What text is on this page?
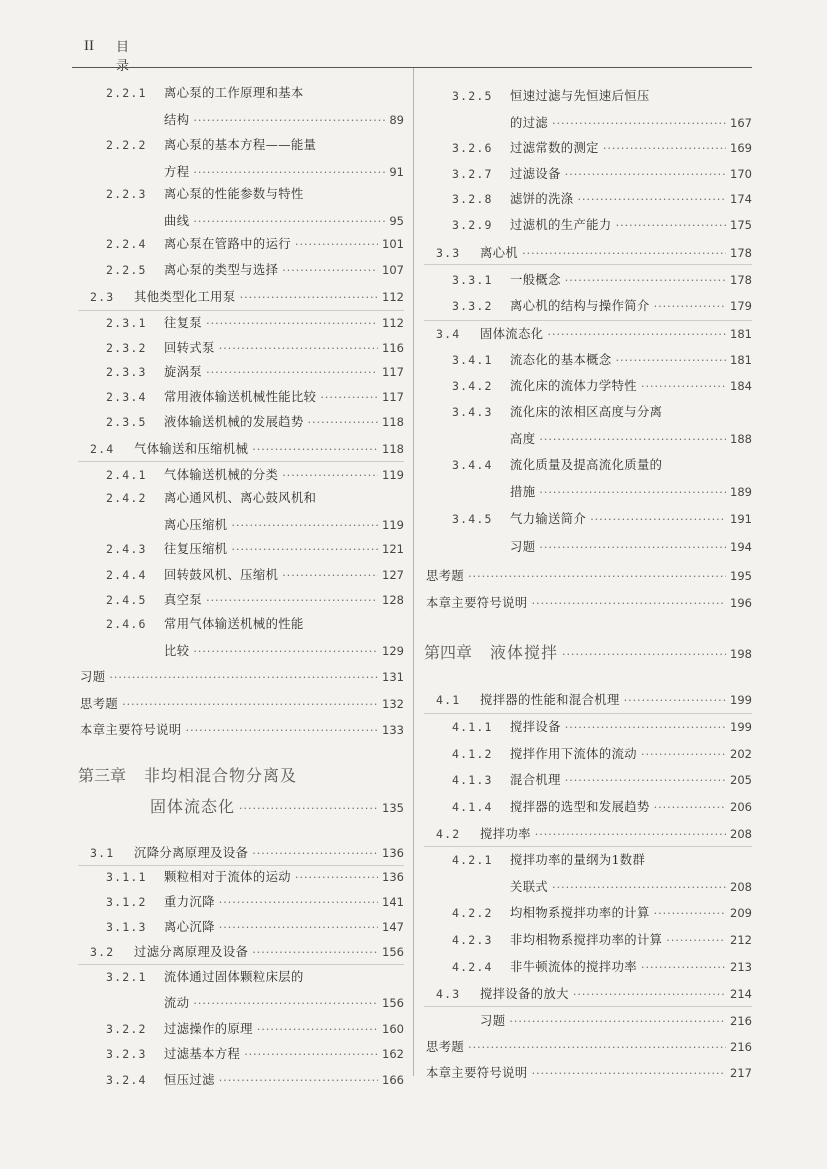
II 目录
2.2.1	离心泵的工作原理和基本
结构 ·····	89
2.2.2	离心泵的基本方程——能量
方程 ·····	91
2.2.3	离心泵的性能参数与特性
曲线 ·····	95
2.2.4	离心泵在管路中的运行 ·····	101
2.2.5	离心泵的类型与选择 ·····	107
2.3	其他类型化工用泵 ·····	112
2.3.1	往复泵 ·····	112
2.3.2	回转式泵 ·····	116
2.3.3	旋涡泵 ·····	117
2.3.4	常用液体输送机械性能比较 ·····	117
2.3.5	液体输送机械的发展趋势 ·····	118
2.4	气体输送和压缩机械 ·····	118
2.4.1	气体输送机械的分类 ·····	119
2.4.2	离心通风机、离心鼓风机和
离心压缩机 ·····	119
2.4.3	往复压缩机 ·····	121
2.4.4	回转鼓风机、压缩机 ·····	127
2.4.5	真空泵 ·····	128
2.4.6	常用气体输送机械的性能
比较 ·····	129
习题 ·····	131
思考题 ·····	132
本章主要符号说明 ·····	133
第三章 非均相混合物分离及
固体流态化 ·····	135
3.1	沉降分离原理及设备 ·····	136
3.1.1	颗粒相对于流体的运动 ·····	136
3.1.2	重力沉降 ·····	141
3.1.3	离心沉降 ·····	147
3.2	过滤分离原理及设备 ·····	156
3.2.1	流体通过固体颗粒床层的
流动 ·····	156
3.2.2	过滤操作的原理 ·····	160
3.2.3	过滤基本方程 ·····	162
3.2.4	恒压过滤 ·····	166
3.2.5	恒速过滤与先恒速后恒压
的过滤 ·····	167
3.2.6	过滤常数的测定 ·····	169
3.2.7	过滤设备 ·····	170
3.2.8	滤饼的洗涤 ·····	174
3.2.9	过滤机的生产能力 ·····	175
3.3	离心机 ·····	178
3.3.1	一般概念 ·····	178
3.3.2	离心机的结构与操作简介 ·····	179
3.4	固体流态化 ·····	181
3.4.1	流态化的基本概念 ·····	181
3.4.2	流化床的流体力学特性 ·····	184
3.4.3	流化床的浓相区高度与分离
高度 ·····	188
3.4.4	流化质量及提高流化质量的
措施 ·····	189
3.4.5	气力输送简介 ·····	191
习题 ·····	194
思考题 ·····	195
本章主要符号说明 ·····	196
第四章 液体搅拌 ·····	198
4.1	搅拌器的性能和混合机理 ·····	199
4.1.1	搅拌设备 ·····	199
4.1.2	搅拌作用下流体的流动 ·····	202
4.1.3	混合机理 ·····	205
4.1.4	搅拌器的选型和发展趋势 ·····	206
4.2	搅拌功率 ·····	208
4.2.1	搅拌功率的量纲为1数群
关联式 ·····	208
4.2.2	均相物系搅拌功率的计算 ·····	209
4.2.3	非均相物系搅拌功率的计算 ·····	212
4.2.4	非牛顿流体的搅拌功率 ·····	213
4.3	搅拌设备的放大 ·····	214
习题 ·····	216
思考题 ·····	216
本章主要符号说明 ·····	217
